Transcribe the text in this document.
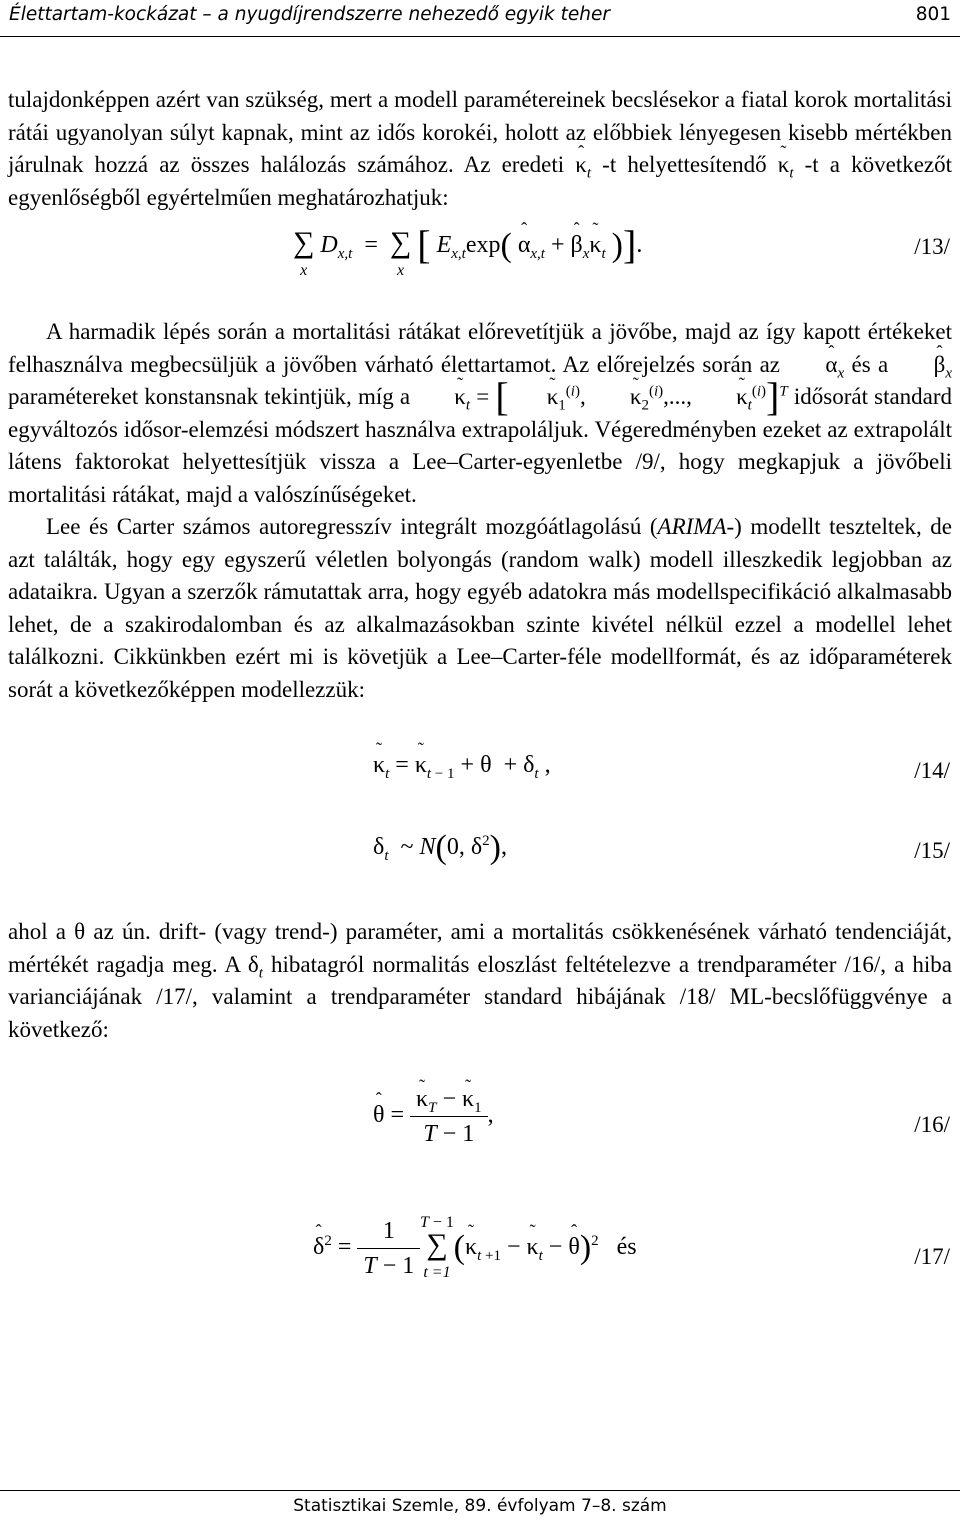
Élettartam-kockázat – a nyugdíjrendszerre nehezedő egyik teher	801

tulajdonképpen azért van szükség, mert a modell paramétereinek becslésekor a fiatal korok mortalitási rátái ugyanolyan súlyt kapnak, mint az idős korokéi, holott az előbbiek lényegesen kisebb mértékben járulnak hozzá az összes halálozás számához. Az eredeti ˆ $\kappa_t$ -t helyettesítendő ˜ $\kappa_t$ -t a következőt egyenlőségből egyértelműen meghatározhatjuk:

∑
x
$D_{x,t}$  =  ∑
x
[ $E_{x,t}\exp$( ˆ $\alpha_{x,t}$ + ˆ $\beta_x˜$ $\kappa_t$ )].	/13/

A harmadik lépés során a mortalitási rátákat előrevetítjük a jövőbe, majd az így kapott értékeket felhasználva megbecsüljük a jövőben várható élettartamot. Az előrejelzés során az ˆ $\alpha_x$ és a ˆ $\beta_x$ paramétereket konstansnak tekintjük, míg a ˜ $\kappa_t$ = [ ˜ $\kappa_1^{(i)}$, ˜ $\kappa_2^{(i)}$,..., ˜ $\kappa_t^{(i)}]^T$ idősorát standard egyváltozós idősor-elemzési módszert használva extrapoláljuk. Végeredményben ezeket az extrapolált látens faktorokat helyettesítjük vissza a Lee–Carter-egyenletbe /9/, hogy megkapjuk a jövőbeli mortalitási rátákat, majd a valószínűségeket.

Lee és Carter számos autoregresszív integrált mozgóátlagolású (ARIMA-) modellt teszteltek, de azt találták, hogy egy egyszerű véletlen bolyongás (random walk) modell illeszkedik legjobban az adataikra. Ugyan a szerzők rámutattak arra, hogy egyéb adatokra más modellspecifikáció alkalmasabb lehet, de a szakirodalomban és az alkalmazásokban szinte kivétel nélkül ezzel a modellel lehet találkozni. Cikkünkben ezért mi is követjük a Lee–Carter-féle modellformát, és az időparaméterek sorát a következőképpen modellezzük:

˜ $\kappa_t$ = ˜ $\kappa_{t - 1} + \theta + \delta_t$ ,	/14/
$\delta_t$  ~ N(0, $\delta^2$),	/15/

ahol a θ az ún. drift- (vagy trend-) paraméter, ami a mortalitás csökkenésének várható tendenciáját, mértékét ragadja meg. A $\delta_t$ hibatagról normalitás eloszlást feltételezve a trendparaméter /16/, a hiba varianciájának /17/, valamint a trendparaméter standard hibájának /18/ ML-becslőfüggvénye a következő:

ˆ θ = ˜ $\frac{\kappa_T - ˜ \kappa_1}{T - 1}$ ,	/16/
ˆ $\delta^2 = \frac{1}{T - 1}$ ∑
T − 1
t =1
(˜ $\kappa_{t +1}$ − ˜ $\kappa_t$ − ˆ θ)$^2$ és	/17/
Statisztikai Szemle, 89. évfolyam 7–8. szám
